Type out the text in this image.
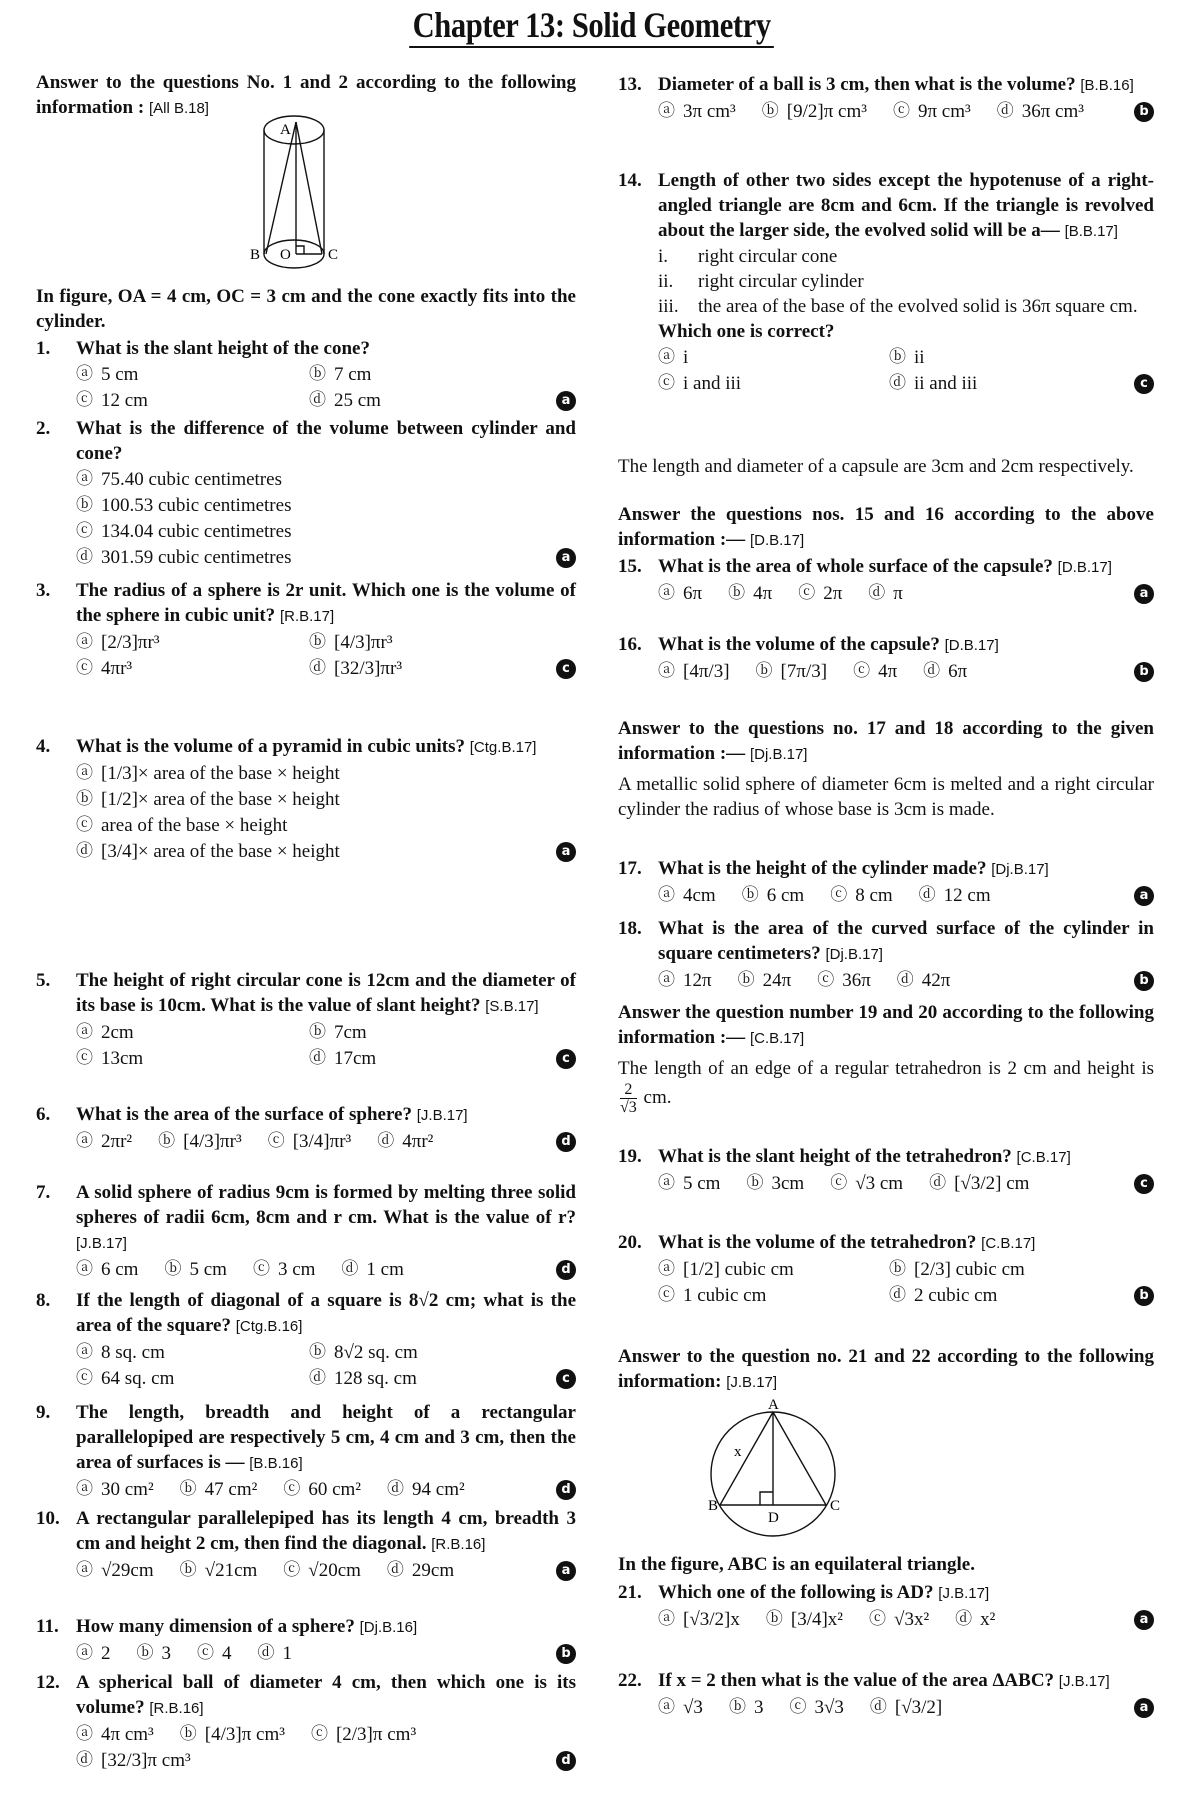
Chapter 13: Solid Geometry
Answer to the questions No. 1 and 2 according to the following information : [All B.18]
A
B O C
In figure, OA = 4 cm, OC = 3 cm and the cone exactly fits into the cylinder.
1. What is the slant height of the cone?
ⓐ 5 cm	ⓑ 7 cm
ⓒ 12 cm	ⓓ 25 cm	a
2. What is the difference of the volume between cylinder and cone?
ⓐ 75.40 cubic centimetres
ⓑ 100.53 cubic centimetres
ⓒ 134.04 cubic centimetres
ⓓ 301.59 cubic centimetres	a
3. The radius of a sphere is 2r unit. Which one is the volume of the sphere in cubic unit? [R.B.17]
ⓐ [2/3]πr³	ⓑ [4/3]πr³
ⓒ 4πr³	ⓓ [32/3]πr³	c
4. What is the volume of a pyramid in cubic units? [Ctg.B.17]
ⓐ [1/3]× area of the base × height
ⓑ [1/2]× area of the base × height
ⓒ area of the base × height
ⓓ [3/4]× area of the base × height	a
5. The height of right circular cone is 12cm and the diameter of its base is 10cm. What is the value of slant height? [S.B.17]
ⓐ 2cm	ⓑ 7cm
ⓒ 13cm	ⓓ 17cm	c
6. What is the area of the surface of sphere? [J.B.17]
ⓐ 2πr² ⓑ [4/3]πr³ ⓒ [3/4]πr³ ⓓ 4πr²	d
7. A solid sphere of radius 9cm is formed by melting three solid spheres of radii 6cm, 8cm and r cm. What is the value of r? [J.B.17]
ⓐ 6 cm ⓑ 5 cm ⓒ 3 cm ⓓ 1 cm	d
8. If the length of diagonal of a square is 8√2 cm; what is the area of the square? [Ctg.B.16]
ⓐ 8 sq. cm	ⓑ 8√2 sq. cm
ⓒ 64 sq. cm	ⓓ 128 sq. cm	c
9. The length, breadth and height of a rectangular parallelopiped are respectively 5 cm, 4 cm and 3 cm, then the area of surfaces is — [B.B.16]
ⓐ 30 cm² ⓑ 47 cm² ⓒ 60 cm² ⓓ 94 cm²	d
10. A rectangular parallelepiped has its length 4 cm, breadth 3 cm and height 2 cm, then find the diagonal. [R.B.16]
ⓐ √29cm ⓑ √21cm ⓒ √20cm ⓓ 29cm	a
11. How many dimension of a sphere? [Dj.B.16]
ⓐ 2 ⓑ 3 ⓒ 4 ⓓ 1	b
12. A spherical ball of diameter 4 cm, then which one is its volume? [R.B.16]
ⓐ 4π cm³ ⓑ [4/3]π cm³ ⓒ [2/3]π cm³
ⓓ [32/3]π cm³	d
13. Diameter of a ball is 3 cm, then what is the volume? [B.B.16]
ⓐ 3π cm³ ⓑ [9/2]π cm³ ⓒ 9π cm³ ⓓ 36π cm³	b
14. Length of other two sides except the hypotenuse of a right-angled triangle are 8cm and 6cm. If the triangle is revolved about the larger side, the evolved solid will be a— [B.B.17]
i.	right circular cone
ii.	right circular cylinder
iii.	the area of the base of the evolved solid is 36π square cm.
Which one is correct?
ⓐ i	ⓑ ii
ⓒ i and iii	ⓓ ii and iii	c
The length and diameter of a capsule are 3cm and 2cm respectively.
Answer the questions nos. 15 and 16 according to the above information :— [D.B.17]
15. What is the area of whole surface of the capsule? [D.B.17]
ⓐ 6π ⓑ 4π ⓒ 2π ⓓ π	a
16. What is the volume of the capsule? [D.B.17]
ⓐ [4π/3] ⓑ [7π/3] ⓒ 4π ⓓ 6π	b
Answer to the questions no. 17 and 18 according to the given information :— [Dj.B.17]
A metallic solid sphere of diameter 6cm is melted and a right circular cylinder the radius of whose base is 3cm is made.
17. What is the height of the cylinder made? [Dj.B.17]
ⓐ 4cm ⓑ 6 cm ⓒ 8 cm ⓓ 12 cm	a
18. What is the area of the curved surface of the cylinder in square centimeters? [Dj.B.17]
ⓐ 12π ⓑ 24π ⓒ 36π ⓓ 42π	b
Answer the question number 19 and 20 according to the following information :— [C.B.17]
The length of an edge of a regular tetrahedron is 2 cm and height is
$\frac{2}{√3}$ cm.
19. What is the slant height of the tetrahedron? [C.B.17]
ⓐ 5 cm ⓑ 3cm ⓒ √3 cm ⓓ [√3/2] cm	c
20. What is the volume of the tetrahedron? [C.B.17]
ⓐ [1/2] cubic cm	ⓑ [2/3] cubic cm
ⓒ 1 cubic cm	ⓓ 2 cubic cm	b
Answer to the question no. 21 and 22 according to the following information: [J.B.17]
A
B	C
D
x
In the figure, ABC is an equilateral triangle.
21. Which one of the following is AD? [J.B.17]
ⓐ [√3/2]x ⓑ [3/4]x² ⓒ √3x² ⓓ x²	a
22. If x = 2 then what is the value of the area ΔABC? [J.B.17]
ⓐ √3 ⓑ 3 ⓒ 3√3 ⓓ [√3/2]	a
